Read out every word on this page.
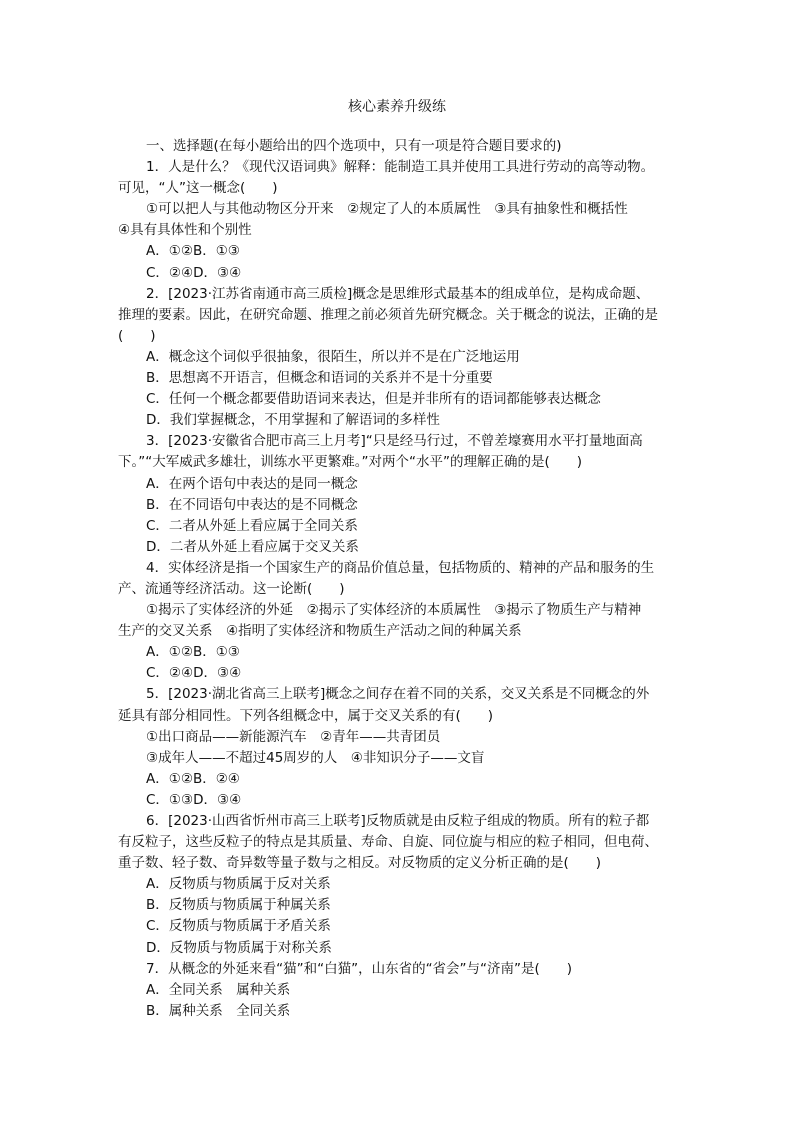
核心素养升级练

一、选择题(在每小题给出的四个选项中，只有一项是符合题目要求的)

1．人是什么？《现代汉语词典》解释：能制造工具并使用工具进行劳动的高等动物。

可见，“人”这一概念(　　)

①可以把人与其他动物区分开来　②规定了人的本质属性　③具有抽象性和概括性

④具有具体性和个别性

A．①②B．①③

C．②④D．③④

2．[2023·江苏省南通市高三质检]概念是思维形式最基本的组成单位，是构成命题、

推理的要素。因此，在研究命题、推理之前必须首先研究概念。关于概念的说法，正确的是

(　　)

A．概念这个词似乎很抽象，很陌生，所以并不是在广泛地运用

B．思想离不开语言，但概念和语词的关系并不是十分重要

C．任何一个概念都要借助语词来表达，但是并非所有的语词都能够表达概念

D．我们掌握概念，不用掌握和了解语词的多样性

3．[2023·安徽省合肥市高三上月考]“只是经马行过，不曾差壕赛用水平打量地面高

下。”“大军威武多雄壮，训练水平更繁难。”对两个“水平”的理解正确的是(　　)

A．在两个语句中表达的是同一概念

B．在不同语句中表达的是不同概念

C．二者从外延上看应属于全同关系

D．二者从外延上看应属于交叉关系

4．实体经济是指一个国家生产的商品价值总量，包括物质的、精神的产品和服务的生

产、流通等经济活动。这一论断(　　)

①揭示了实体经济的外延　②揭示了实体经济的本质属性　③揭示了物质生产与精神

生产的交叉关系　④指明了实体经济和物质生产活动之间的种属关系

A．①②B．①③

C．②④D．③④

5．[2023·湖北省高三上联考]概念之间存在着不同的关系，交叉关系是不同概念的外

延具有部分相同性。下列各组概念中，属于交叉关系的有(　　)

①出口商品——新能源汽车　②青年——共青团员

③成年人——不超过45周岁的人　④非知识分子——文盲

A．①②B．②④

C．①③D．③④

6．[2023·山西省忻州市高三上联考]反物质就是由反粒子组成的物质。所有的粒子都

有反粒子，这些反粒子的特点是其质量、寿命、自旋、同位旋与相应的粒子相同，但电荷、

重子数、轻子数、奇异数等量子数与之相反。对反物质的定义分析正确的是(　　)

A．反物质与物质属于反对关系

B．反物质与物质属于种属关系

C．反物质与物质属于矛盾关系

D．反物质与物质属于对称关系

7．从概念的外延来看“猫”和“白猫”，山东省的“省会”与“济南”是(　　)

A．全同关系　属种关系

B．属种关系　全同关系
